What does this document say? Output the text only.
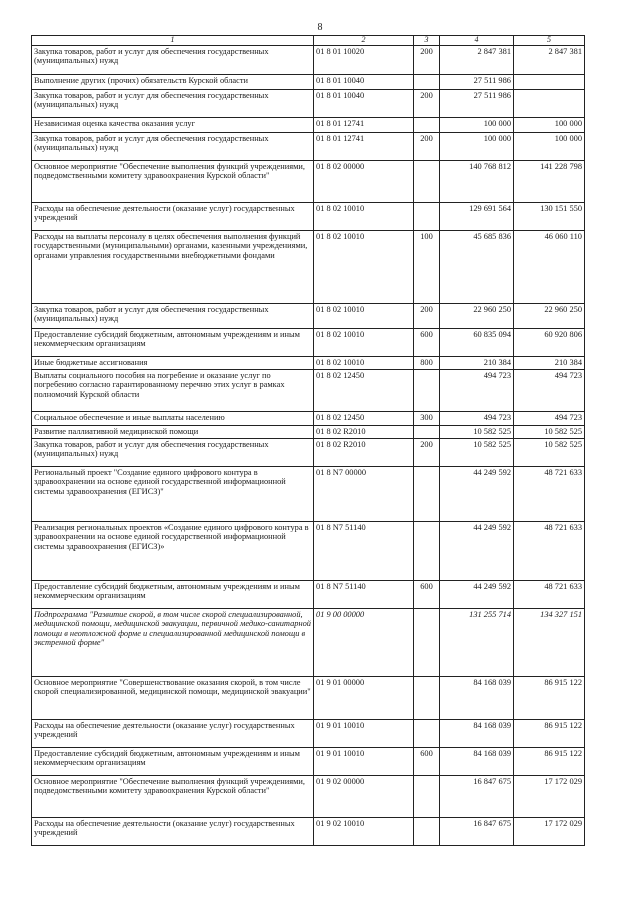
8
1	2	3	4	5
Закупка товаров, работ и услуг для обеспечения государственных (муниципальных) нужд	01 8 01 10020	200	2 847 381	2 847 381
Выполнение других (прочих) обязательств Курской области	01 8 01 10040		27 511 986	
Закупка товаров, работ и услуг для обеспечения государственных (муниципальных) нужд	01 8 01 10040	200	27 511 986	
Независимая оценка качества оказания услуг	01 8 01 12741		100 000	100 000
Закупка товаров, работ и услуг для обеспечения государственных (муниципальных) нужд	01 8 01 12741	200	100 000	100 000
Основное мероприятие "Обеспечение выполнения функций учреждениями, подведомственными комитету здравоохранения Курской области"	01 8 02 00000		140 768 812	141 228 798
Расходы на обеспечение деятельности (оказание услуг) государственных учреждений	01 8 02 10010		129 691 564	130 151 550
Расходы на выплаты персоналу в целях обеспечения выполнения функций государственными (муниципальными) органами, казенными учреждениями, органами управления государственными внебюджетными фондами	01 8 02 10010	100	45 685 836	46 060 110
Закупка товаров, работ и услуг для обеспечения государственных (муниципальных) нужд	01 8 02 10010	200	22 960 250	22 960 250
Предоставление субсидий бюджетным, автономным учреждениям и иным некоммерческим организациям	01 8 02 10010	600	60 835 094	60 920 806
Иные бюджетные ассигнования	01 8 02 10010	800	210 384	210 384
Выплаты социального пособия на погребение и оказание услуг по погребению согласно гарантированному перечню этих услуг в рамках полномочий Курской области	01 8 02 12450		494 723	494 723
Социальное обеспечение и иные выплаты населению	01 8 02 12450	300	494 723	494 723
Развитие паллиативной медицинской помощи	01 8 02 R2010		10 582 525	10 582 525
Закупка товаров, работ и услуг для обеспечения государственных (муниципальных) нужд	01 8 02 R2010	200	10 582 525	10 582 525
Региональный проект "Создание единого цифрового контура в здравоохранении на основе единой государственной информационной системы здравоохранения (ЕГИСЗ)"	01 8 N7 00000		44 249 592	48 721 633
Реализация региональных проектов «Создание единого цифрового контура в здравоохранении на основе единой государственной информационной системы здравоохранения (ЕГИСЗ)»	01 8 N7 51140		44 249 592	48 721 633
Предоставление субсидий бюджетным, автономным учреждениям и иным некоммерческим организациям	01 8 N7 51140	600	44 249 592	48 721 633
Подпрограмма "Развитие скорой, в том числе скорой специализированной, медицинской помощи, медицинской эвакуации, первичной медико-санитарной помощи в неотложной форме и специализированной медицинской помощи в экстренной форме"	01 9 00 00000		131 255 714	134 327 151
Основное мероприятие "Совершенствование оказания скорой, в том числе скорой специализированной, медицинской помощи, медицинской эвакуации"	01 9 01 00000		84 168 039	86 915 122
Расходы на обеспечение деятельности (оказание услуг) государственных учреждений	01 9 01 10010		84 168 039	86 915 122
Предоставление субсидий бюджетным, автономным учреждениям и иным некоммерческим организациям	01 9 01 10010	600	84 168 039	86 915 122
Основное мероприятие "Обеспечение выполнения функций учреждениями, подведомственными комитету здравоохранения Курской области"	01 9 02 00000		16 847 675	17 172 029
Расходы на обеспечение деятельности (оказание услуг) государственных учреждений	01 9 02 10010		16 847 675	17 172 029
